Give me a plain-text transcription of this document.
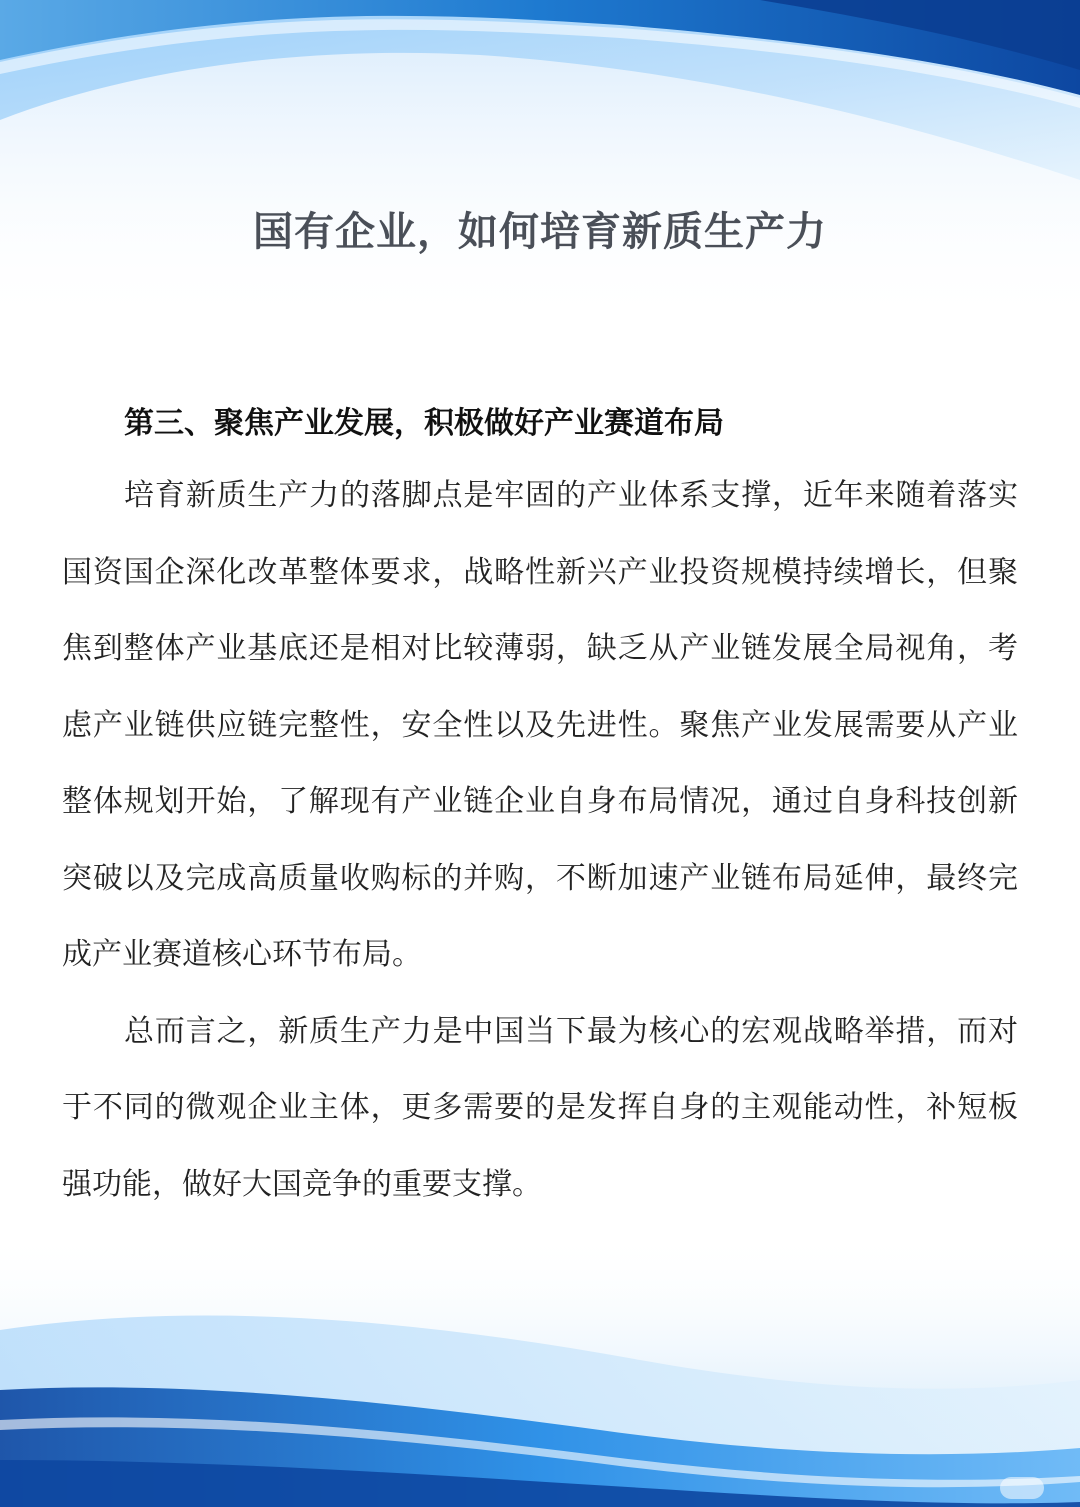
国有企业，如何培育新质生产力

第三、聚焦产业发展，积极做好产业赛道布局

培育新质生产力的落脚点是牢固的产业体系支撑，近年来随着落实国资国企深化改革整体要求，战略性新兴产业投资规模持续增长，但聚焦到整体产业基底还是相对比较薄弱，缺乏从产业链发展全局视角，考虑产业链供应链完整性，安全性以及先进性。聚焦产业发展需要从产业整体规划开始，了解现有产业链企业自身布局情况，通过自身科技创新突破以及完成高质量收购标的并购，不断加速产业链布局延伸，最终完成产业赛道核心环节布局。

总而言之，新质生产力是中国当下最为核心的宏观战略举措，而对于不同的微观企业主体，更多需要的是发挥自身的主观能动性，补短板强功能，做好大国竞争的重要支撑。
